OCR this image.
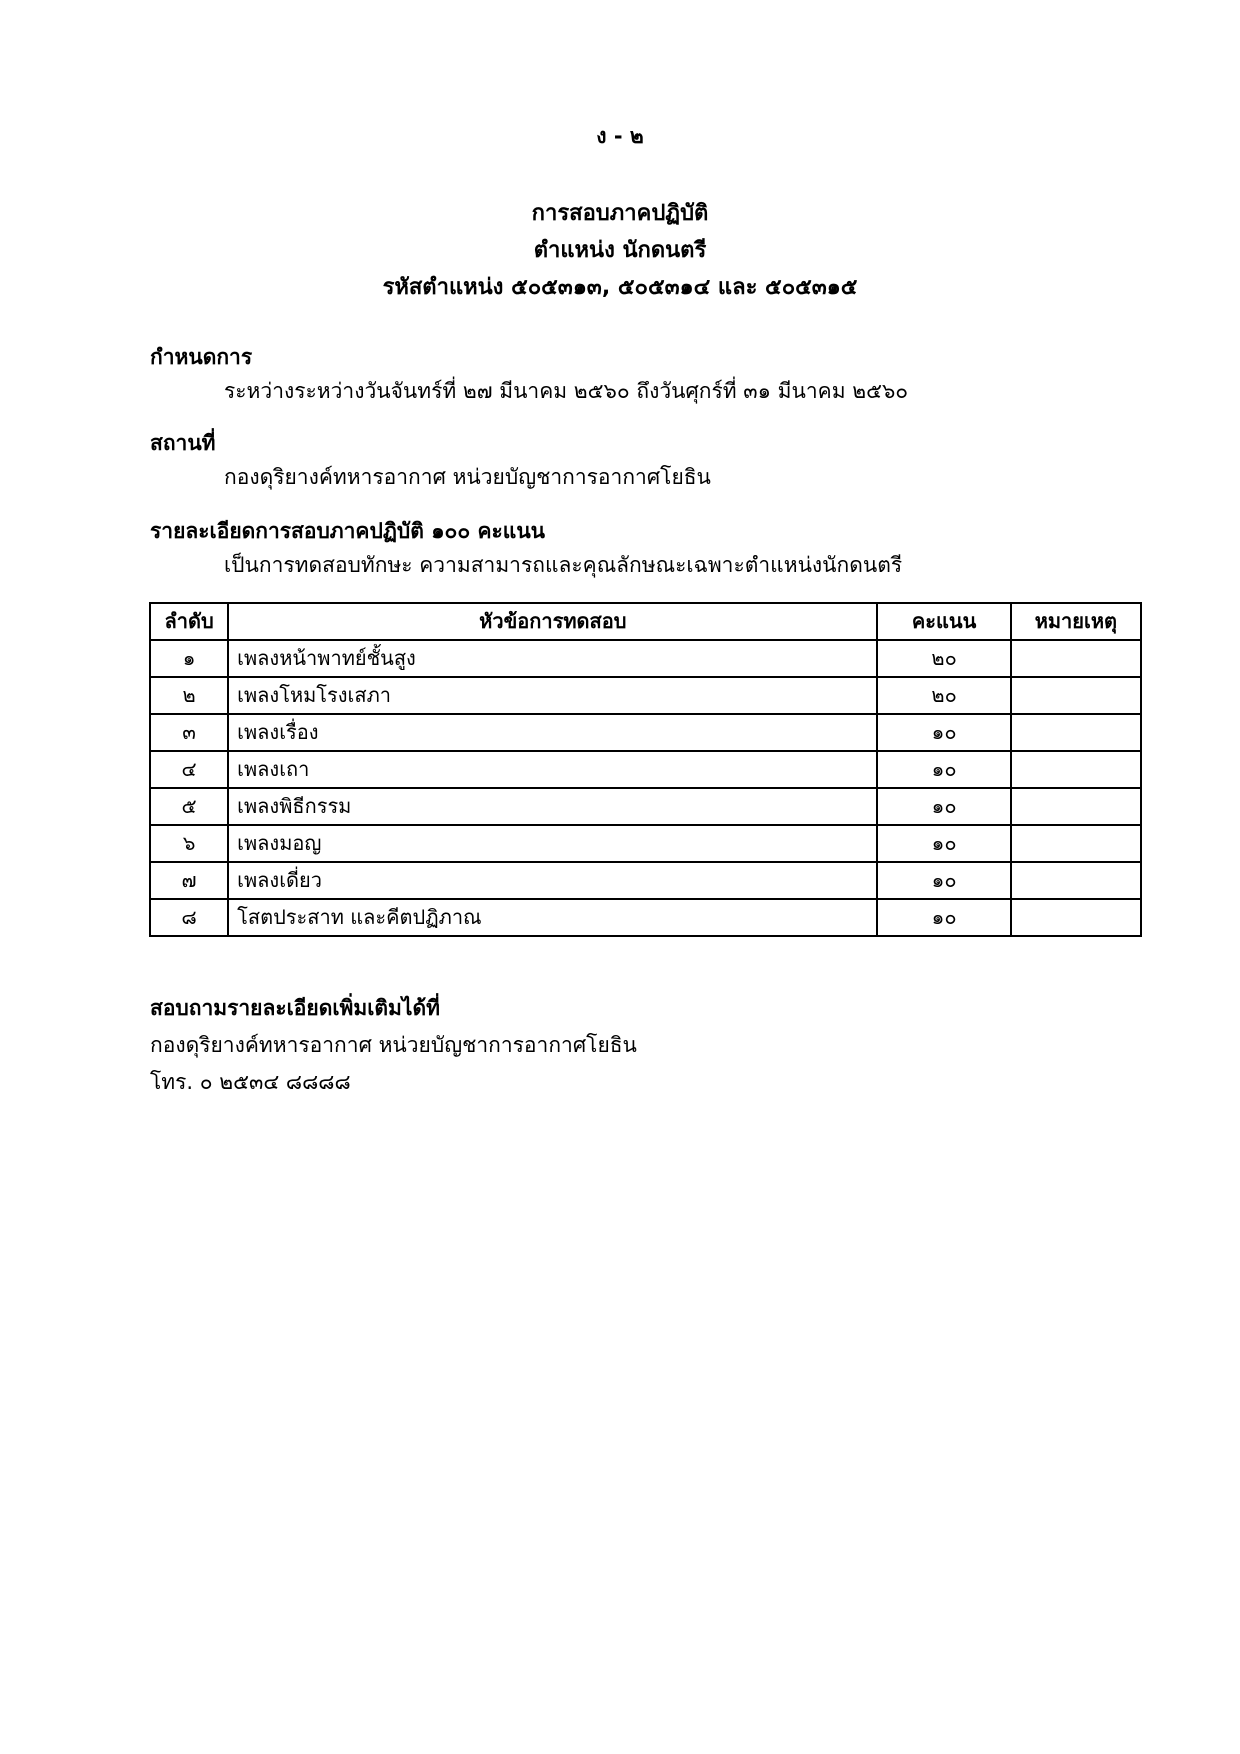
ง - ๒
การสอบภาคปฏิบัติ
ตำแหน่ง นักดนตรี
รหัสตำแหน่ง ๕๐๕๓๑๓, ๕๐๕๓๑๔ และ ๕๐๕๓๑๕
กำหนดการ
ระหว่างระหว่างวันจันทร์ที่ ๒๗ มีนาคม ๒๕๖๐ ถึงวันศุกร์ที่ ๓๑ มีนาคม ๒๕๖๐
สถานที่
กองดุริยางค์ทหารอากาศ หน่วยบัญชาการอากาศโยธิน
รายละเอียดการสอบภาคปฏิบัติ ๑๐๐ คะแนน
เป็นการทดสอบทักษะ ความสามารถและคุณลักษณะเฉพาะตำแหน่งนักดนตรี
ลำดับ	หัวข้อการทดสอบ	คะแนน	หมายเหตุ
๑	เพลงหน้าพาทย์ชั้นสูง	๒๐	
๒	เพลงโหมโรงเสภา	๒๐	
๓	เพลงเรื่อง	๑๐	
๔	เพลงเถา	๑๐	
๕	เพลงพิธีกรรม	๑๐	
๖	เพลงมอญ	๑๐	
๗	เพลงเดี่ยว	๑๐	
๘	โสตประสาท และคีตปฏิภาณ	๑๐	
สอบถามรายละเอียดเพิ่มเติมได้ที่
กองดุริยางค์ทหารอากาศ หน่วยบัญชาการอากาศโยธิน
โทร. ๐ ๒๕๓๔ ๘๘๘๘
